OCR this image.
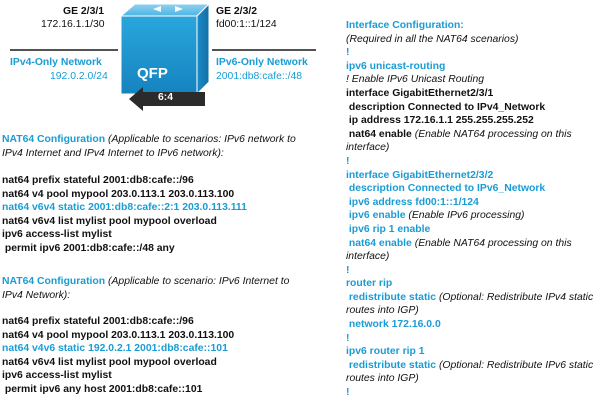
GE 2/3/1
172.16.1.1/30
IPv4-Only Network
192.0.2.0/24
GE 2/3/2
fd00:1::1/124
IPv6-Only Network
2001:db8:cafe::/48
QFP
6:4
NAT64 Configuration (Applicable to scenarios: IPv6 network to IPv4 Internet and IPv4 Internet to IPv6 network):
nat64 prefix stateful 2001:db8:cafe::/96
nat64 v4 pool mypool 203.0.113.1 203.0.113.100
nat64 v6v4 static 2001:db8:cafe::2:1 203.0.113.111
nat64 v6v4 list mylist pool mypool overload
ipv6 access-list mylist
permit ipv6 2001:db8:cafe::/48 any
NAT64 Configuration (Applicable to scenario: IPv6 Internet to IPv4 Network):
nat64 prefix stateful 2001:db8:cafe::/96
nat64 v4 pool mypool 203.0.113.1 203.0.113.100
nat64 v4v6 static 192.0.2.1 2001:db8:cafe::101
nat64 v6v4 list mylist pool mypool overload
ipv6 access-list mylist
permit ipv6 any host 2001:db8:cafe::101
Interface Configuration:
(Required in all the NAT64 scenarios)
!
ipv6 unicast-routing
! Enable IPv6 Unicast Routing
interface GigabitEthernet2/3/1
description Connected to IPv4_Network
ip address 172.16.1.1 255.255.255.252
nat64 enable (Enable NAT64 processing on this interface)
!
interface GigabitEthernet2/3/2
description Connected to IPv6_Network
ipv6 address fd00:1::1/124
ipv6 enable (Enable IPv6 processing)
ipv6 rip 1 enable
nat64 enable (Enable NAT64 processing on this interface)
!
router rip
redistribute static (Optional: Redistribute IPv4 static routes into IGP)
network 172.16.0.0
!
ipv6 router rip 1
redistribute static (Optional: Redistribute IPv6 static routes into IGP)
!
